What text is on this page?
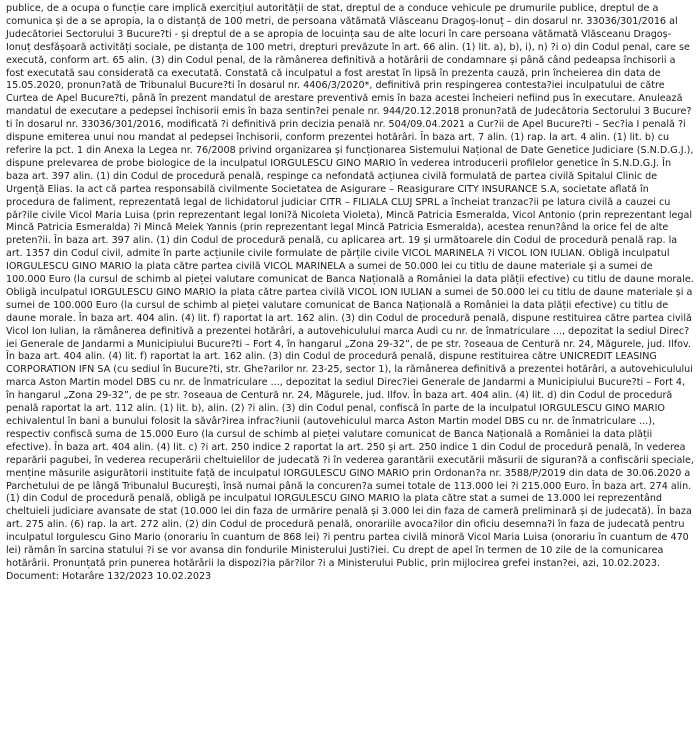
publice, de a ocupa o funcție care implică exercițiul autorității de stat, dreptul de a conduce vehicule pe drumurile publice, dreptul de a comunica și de a se apropia, la o distanță de 100 metri, de persoana vătămată Vlăsceanu Dragoș-Ionuț – din dosarul nr. 33036/301/2016 al Judecătoriei Sectorului 3 Bucure?ti - și dreptul de a se apropia de locuința sau de alte locuri în care persoana vătămată Vlăsceanu Dragoș-Ionuț desfășoară activități sociale, pe distanța de 100 metri, drepturi prevăzute în art. 66 alin. (1) lit. a), b), i), n) ?i o) din Codul penal, care se execută, conform art. 65 alin. (3) din Codul penal, de la rămânerea definitivă a hotărârii de condamnare și până când pedeapsa închisorii a fost executată sau considerată ca executată. Constată că inculpatul a fost arestat în lipsă în prezenta cauză, prin încheierea din data de 15.05.2020, pronun?ată de Tribunalul Bucure?ti în dosarul nr. 4406/3/2020*, definitivă prin respingerea contesta?iei inculpatului de către Curtea de Apel Bucure?ti, până în prezent mandatul de arestare preventivă emis în baza acestei încheieri nefiind pus în executare. Anulează mandatul de executare a pedepsei închisorii emis în baza sentin?ei penale nr. 944/20.12.2018 pronun?ată de Judecătoria Sectorului 3 Bucure?ti în dosarul nr. 33036/301/2016, modificată ?i definitivă prin decizia penală nr. 504/09.04.2021 a Cur?ii de Apel Bucure?ti – Sec?ia I penală ?i dispune emiterea unui nou mandat al pedepsei închisorii, conform prezentei hotărâri. În baza art. 7 alin. (1) rap. la art. 4 alin. (1) lit. b) cu referire la pct. 1 din Anexa la Legea nr. 76/2008 privind organizarea și funcționarea Sistemului Național de Date Genetice Judiciare (S.N.D.G.J.), dispune prelevarea de probe biologice de la inculpatul IORGULESCU GINO MARIO în vederea introducerii profilelor genetice în S.N.D.G.J. În baza art. 397 alin. (1) din Codul de procedură penală, respinge ca nefondată acțiunea civilă formulată de partea civilă Spitalul Clinic de Urgență Elias. Ia act că partea responsabilă civilmente Societatea de Asigurare – Reasigurare CITY INSURANCE S.A, societate aflată în procedura de faliment, reprezentată legal de lichidatorul judiciar CITR – FILIALA CLUJ SPRL a încheiat tranzac?ii pe latura civilă a cauzei cu păr?ile civile Vicol Maria Luisa (prin reprezentant legal Ioni?ă Nicoleta Violeta), Mincă Patricia Esmeralda, Vicol Antonio (prin reprezentant legal Mincă Patricia Esmeralda) ?i Mincă Melek Yannis (prin reprezentant legal Mincă Patricia Esmeralda), acestea renun?ând la orice fel de alte preten?ii. În baza art. 397 alin. (1) din Codul de procedură penală, cu aplicarea art. 19 și următoarele din Codul de procedură penală rap. la art. 1357 din Codul civil, admite în parte acțiunile civile formulate de părțile civile VICOL MARINELA ?i VICOL ION IULIAN. Obligă inculpatul IORGULESCU GINO MARIO la plata către partea civilă VICOL MARINELA a sumei de 50.000 lei cu titlu de daune materiale și a sumei de 100.000 Euro (la cursul de schimb al pieței valutare comunicat de Banca Națională a României la data plății efective) cu titlu de daune morale. Obligă inculpatul IORGULESCU GINO MARIO la plata către partea civilă VICOL ION IULIAN a sumei de 50.000 lei cu titlu de daune materiale și a sumei de 100.000 Euro (la cursul de schimb al pieței valutare comunicat de Banca Națională a României la data plății efective) cu titlu de daune morale. În baza art. 404 alin. (4) lit. f) raportat la art. 162 alin. (3) din Codul de procedură penală, dispune restituirea către partea civilă Vicol Ion Iulian, la rămânerea definitivă a prezentei hotărâri, a autovehiculului marca Audi cu nr. de înmatriculare ..., depozitat la sediul Direc?iei Generale de Jandarmi a Municipiului Bucure?ti – Fort 4, în hangarul „Zona 29-32”, de pe str. ?oseaua de Centură nr. 24, Măgurele, jud. Ilfov. În baza art. 404 alin. (4) lit. f) raportat la art. 162 alin. (3) din Codul de procedură penală, dispune restituirea către UNICREDIT LEASING CORPORATION IFN SA (cu sediul în Bucure?ti, str. Ghe?arilor nr. 23-25, sector 1), la rămânerea definitivă a prezentei hotărâri, a autovehiculului marca Aston Martin model DBS cu nr. de înmatriculare ..., depozitat la sediul Direc?iei Generale de Jandarmi a Municipiului Bucure?ti – Fort 4, în hangarul „Zona 29-32”, de pe str. ?oseaua de Centură nr. 24, Măgurele, jud. Ilfov. În baza art. 404 alin. (4) lit. d) din Codul de procedură penală raportat la art. 112 alin. (1) lit. b), alin. (2) ?i alin. (3) din Codul penal, confiscă în parte de la inculpatul IORGULESCU GINO MARIO echivalentul în bani a bunului folosit la săvâr?irea infrac?iunii (autovehiculul marca Aston Martin model DBS cu nr. de înmatriculare ...), respectiv confiscă suma de 15.000 Euro (la cursul de schimb al pieței valutare comunicat de Banca Națională a României la data plății efective). În baza art. 404 alin. (4) lit. c) ?i art. 250 indice 2 raportat la art. 250 și art. 250 indice 1 din Codul de procedură penală, în vederea reparării pagubei, în vederea recuperării cheltuielilor de judecată ?i în vederea garantării executării măsurii de siguran?ă a confiscării speciale, menține măsurile asigurătorii instituite față de inculpatul IORGULESCU GINO MARIO prin Ordonan?a nr. 3588/P/2019 din data de 30.06.2020 a Parchetului de pe lângă Tribunalul București, însă numai până la concuren?a sumei totale de 113.000 lei ?i 215.000 Euro. În baza art. 274 alin. (1) din Codul de procedură penală, obligă pe inculpatul IORGULESCU GINO MARIO la plata către stat a sumei de 13.000 lei reprezentând cheltuieli judiciare avansate de stat (10.000 lei din faza de urmărire penală și 3.000 lei din faza de cameră preliminară și de judecată). În baza art. 275 alin. (6) rap. la art. 272 alin. (2) din Codul de procedură penală, onorariile avoca?ilor din oficiu desemna?i în faza de judecată pentru inculpatul Iorgulescu Gino Mario (onorariu în cuantum de 868 lei) ?i pentru partea civilă minoră Vicol Maria Luisa (onorariu în cuantum de 470 lei) rămân în sarcina statului ?i se vor avansa din fondurile Ministerului Justi?iei. Cu drept de apel în termen de 10 zile de la comunicarea hotărârii. Pronunțată prin punerea hotărârii la dispozi?ia păr?ilor ?i a Ministerului Public, prin mijlocirea grefei instan?ei, azi, 10.02.2023.

Document: Hotarâre 132/2023 10.02.2023
